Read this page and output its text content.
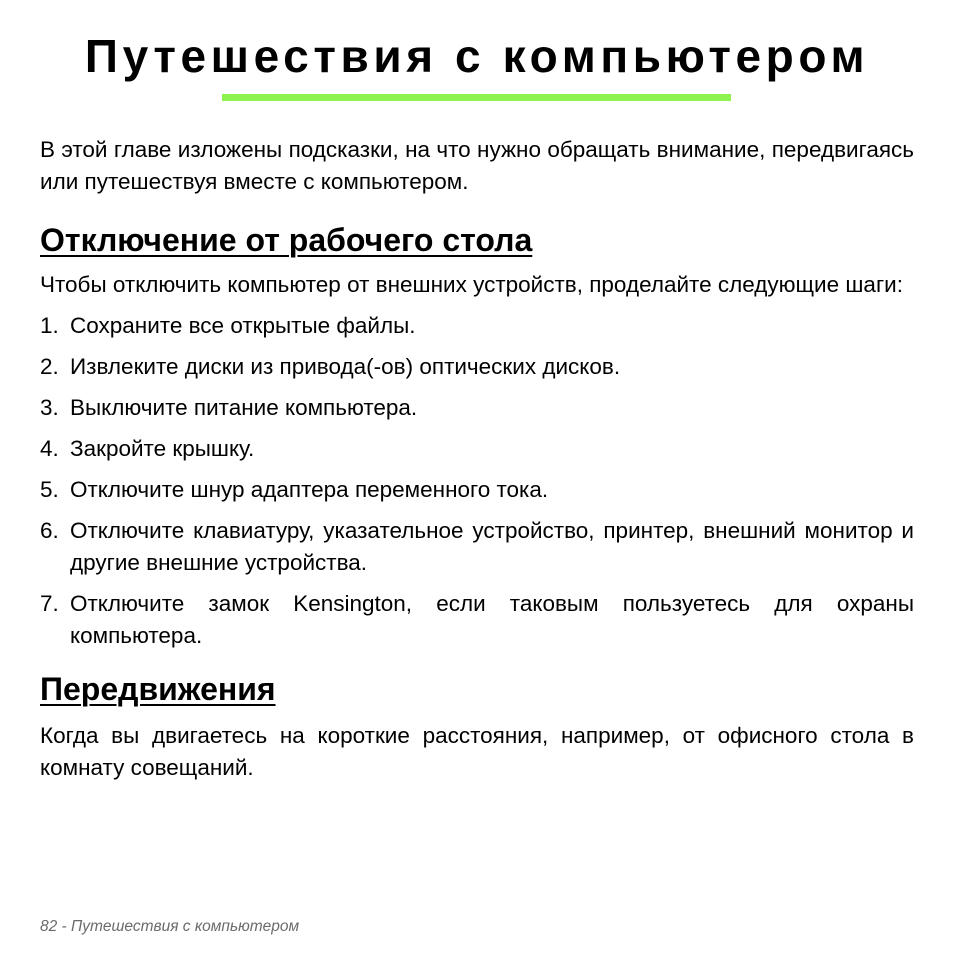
Путешествия с компьютером

В этой главе изложены подсказки, на что нужно обращать внимание, передвигаясь или путешествуя вместе с компьютером.

Отключение от рабочего стола

Чтобы отключить компьютер от внешних устройств, проделайте следующие шаги:

1. Сохраните все открытые файлы.
2. Извлеките диски из привода(-ов) оптических дисков.
3. Выключите питание компьютера.
4. Закройте крышку.
5. Отключите шнур адаптера переменного тока.
6. Отключите клавиатуру, указательное устройство, принтер, внешний монитор и другие внешние устройства.
7. Отключите замок Kensington, если таковым пользуетесь для охраны компьютера.
Передвижения

Когда вы двигаетесь на короткие расстояния, например, от офисного стола в комнату совещаний.

82 - Путешествия с компьютером
